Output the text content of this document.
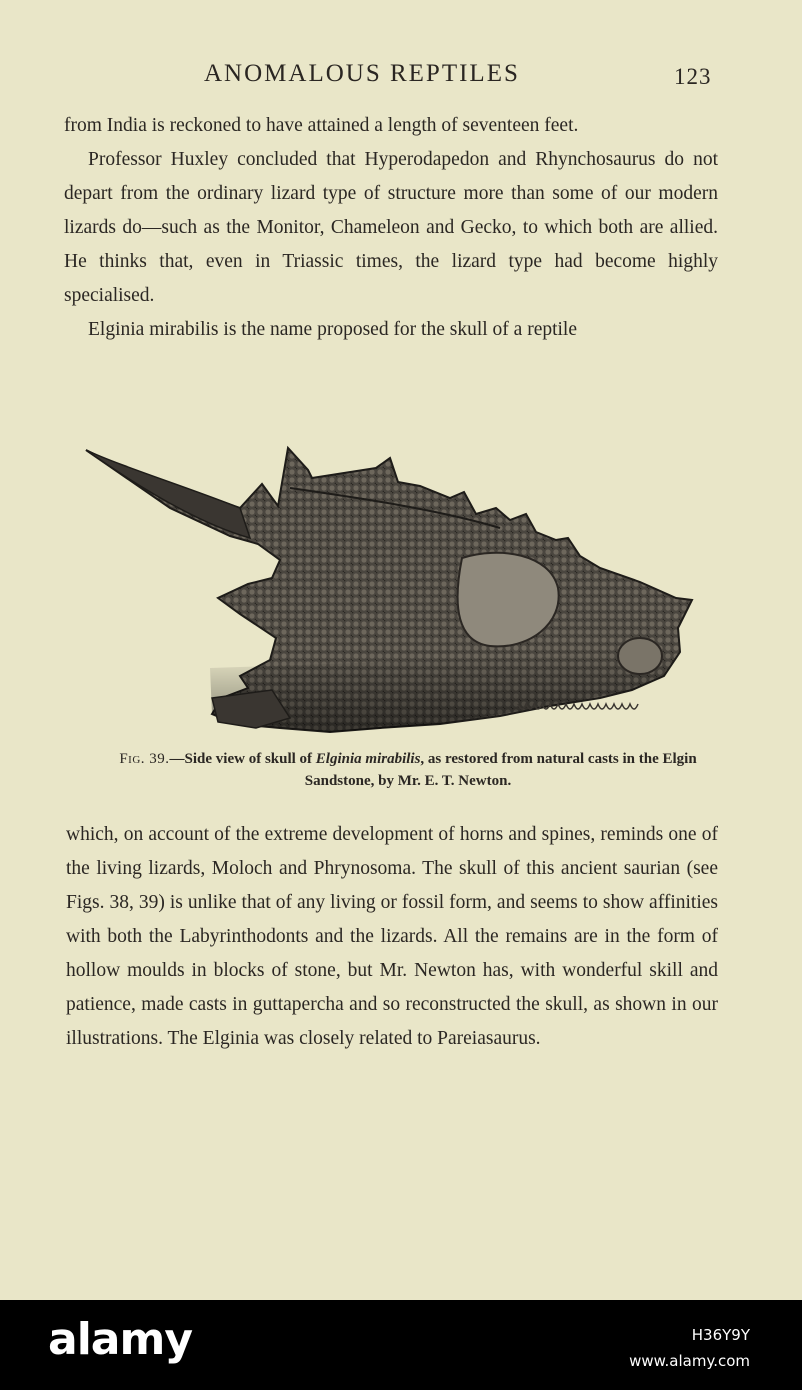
ANOMALOUS REPTILES	123

from India is reckoned to have attained a length of seventeen feet.

Professor Huxley concluded that Hyperodapedon and Rhynchosaurus do not depart from the ordinary lizard type of structure more than some of our modern lizards do—such as the Monitor, Chameleon and Gecko, to which both are allied. He thinks that, even in Triassic times, the lizard type had become highly specialised.

Elginia mirabilis is the name proposed for the skull of a reptile

Fig. 39.—Side view of skull of Elginia mirabilis, as restored from natural casts in the Elgin Sandstone, by Mr. E. T. Newton.

which, on account of the extreme development of horns and spines, reminds one of the living lizards, Moloch and Phrynosoma. The skull of this ancient saurian (see Figs. 38, 39) is unlike that of any living or fossil form, and seems to show affinities with both the Labyrinthodonts and the lizards. All the remains are in the form of hollow moulds in blocks of stone, but Mr. Newton has, with wonderful skill and patience, made casts in guttapercha and so reconstructed the skull, as shown in our illustrations. The Elginia was closely related to Pareiasaurus.

alamy	H36Y9Y
www.alamy.com
